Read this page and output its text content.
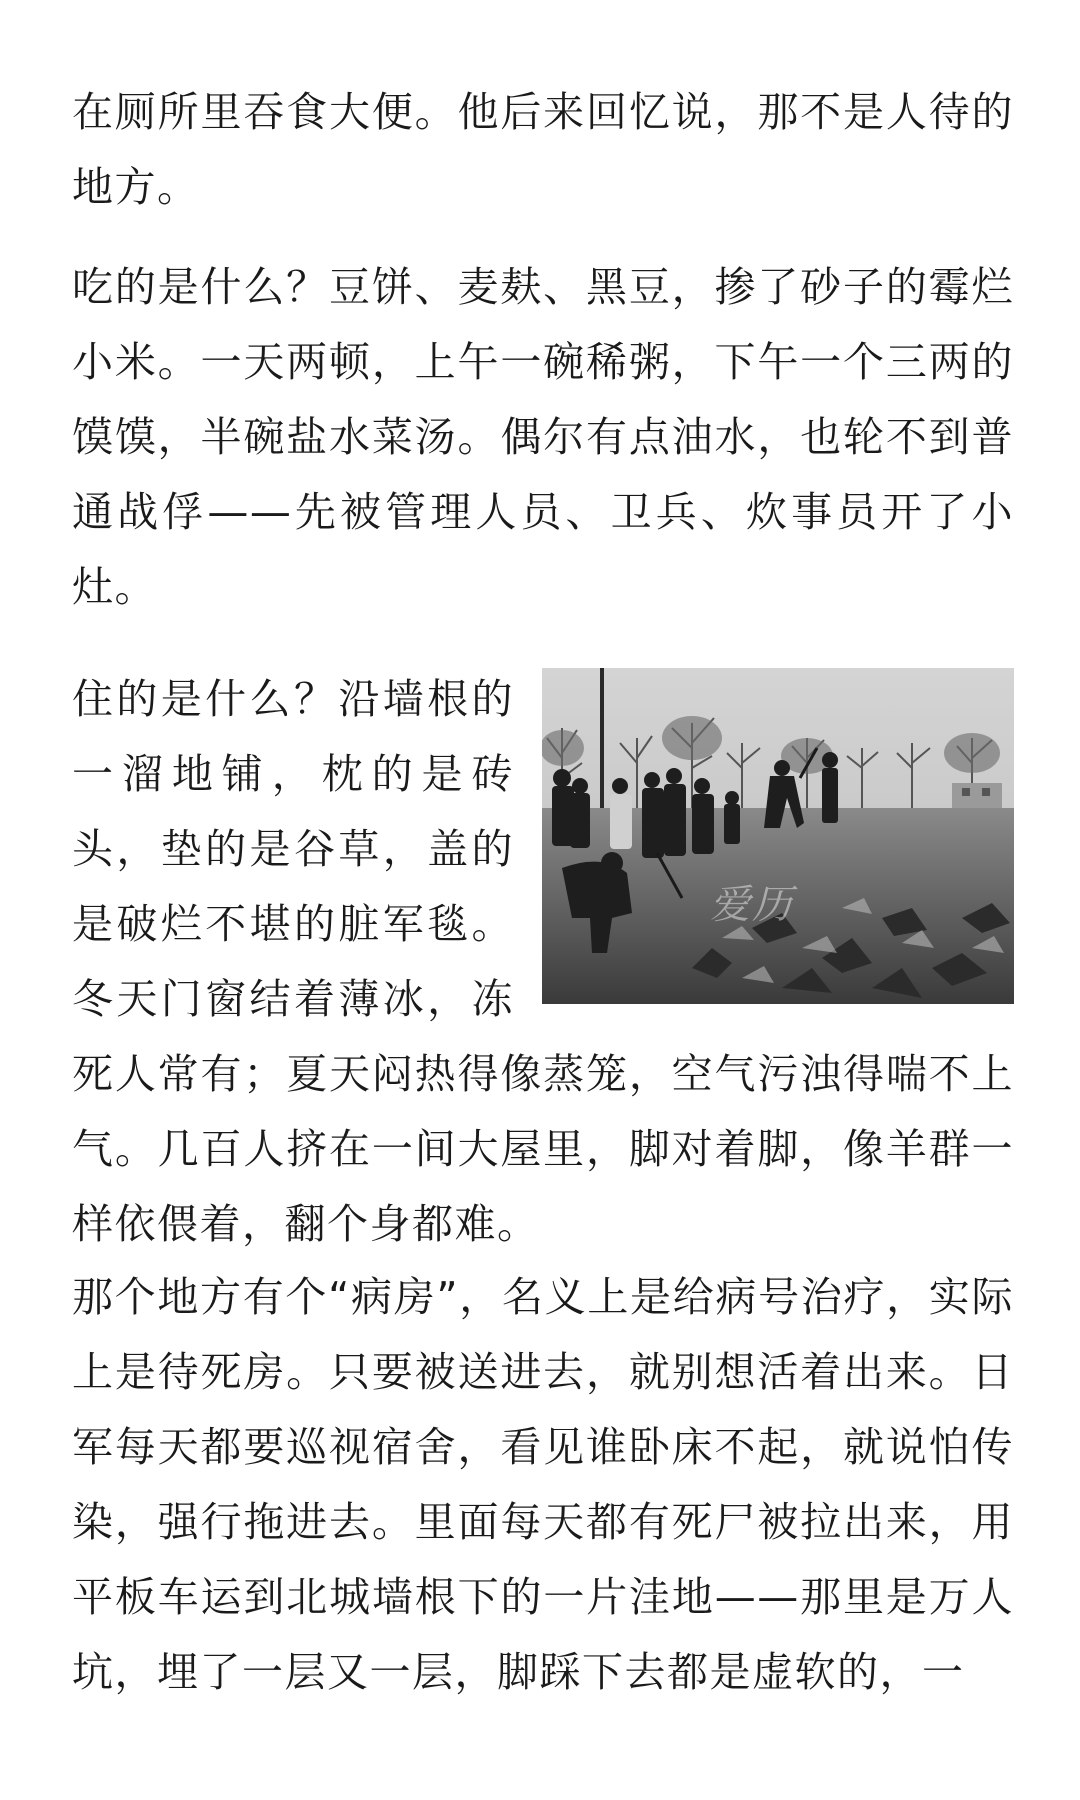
在厕所里吞食大便。他后来回忆说，那不是人待的地方。

吃的是什么？豆饼、麦麸、黑豆，掺了砂子的霉烂小米。一天两顿，上午一碗稀粥，下午一个三两的馍馍，半碗盐水菜汤。偶尔有点油水，也轮不到普通战俘——先被管理人员、卫兵、炊事员开了小灶。

爱历

住的是什么？沿墙根的一溜地铺，枕的是砖头，垫的是谷草，盖的是破烂不堪的脏军毯。冬天门窗结着薄冰，冻死人常有；夏天闷热得像蒸笼，空气污浊得喘不上气。几百人挤在一间大屋里，脚对着脚，像羊群一样依偎着，翻个身都难。

那个地方有个“病房”，名义上是给病号治疗，实际上是待死房。只要被送进去，就别想活着出来。日军每天都要巡视宿舍，看见谁卧床不起，就说怕传染，强行拖进去。里面每天都有死尸被拉出来，用平板车运到北城墙根下的一片洼地——那里是万人坑，埋了一层又一层，脚踩下去都是虚软的，一
